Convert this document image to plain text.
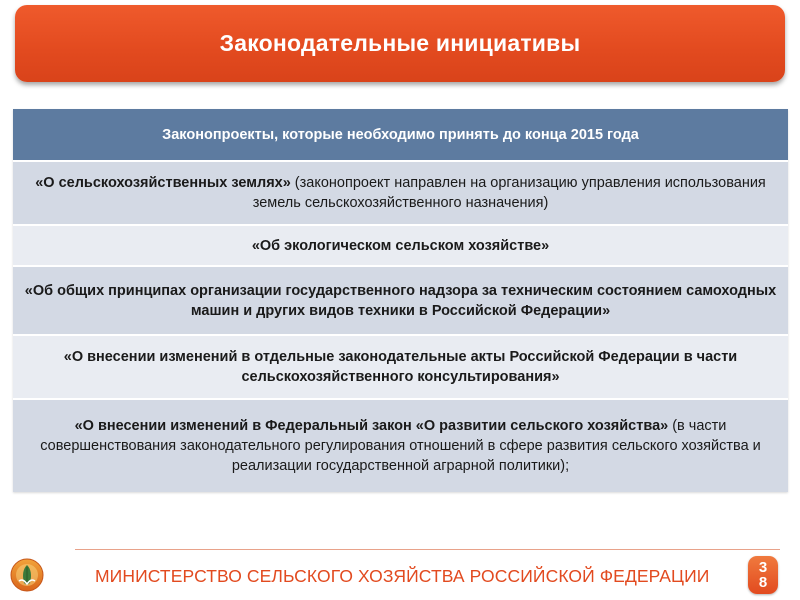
Законодательные инициативы
Законопроекты, которые необходимо принять до конца 2015 года
«О сельскохозяйственных землях» (законопроект направлен на организацию управления использования земель сельскохозяйственного назначения)
«Об экологическом сельском хозяйстве»
«Об общих принципах организации государственного надзора за техническим состоянием самоходных машин и других видов техники в Российской Федерации»
«О внесении изменений в отдельные законодательные акты Российской Федерации в части сельскохозяйственного консультирования»
«О внесении изменений в Федеральный закон «О развитии сельского хозяйства» (в части совершенствования законодательного регулирования отношений в сфере развития сельского хозяйства и реализации государственной аграрной политики);
МИНИСТЕРСТВО СЕЛЬСКОГО ХОЗЯЙСТВА РОССИЙСКОЙ ФЕДЕРАЦИИ	3
8
